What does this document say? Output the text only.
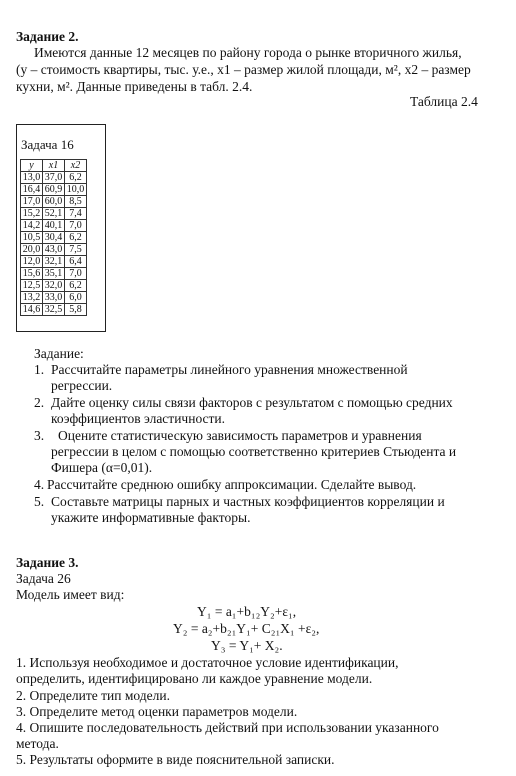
Задание 2.
Имеются данные 12 месяцев по району города о рынке вторичного жилья,
(y – стоимость квартиры, тыс. у.е., x1 – размер жилой площади, м², x2 – размер
кухни, м². Данные приведены в табл. 2.4.
Таблица 2.4
Задача 16
y	x1	x2
13,0	37,0	6,2
16,4	60,9	10,0
17,0	60,0	8,5
15,2	52,1	7,4
14,2	40,1	7,0
10,5	30,4	6,2
20,0	43,0	7,5
12,0	32,1	6,4
15,6	35,1	7,0
12,5	32,0	6,2
13,2	33,0	6,0
14,6	32,5	5,8
Задание:
1. Рассчитайте параметры линейного уравнения множественной
регрессии.
2. Дайте оценку силы связи факторов с результатом с помощью средних
коэффициентов эластичности.
3. Оцените статистическую зависимость параметров и уравнения
регрессии в целом с помощью соответственно критериев Стьюдента и
Фишера (α=0,01).
4. Рассчитайте среднюю ошибку аппроксимации. Сделайте вывод.
5. Составьте матрицы парных и частных коэффициентов корреляции и
укажите информативные факторы.
Задание 3.
Задача 26
Модель имеет вид:
Y₁ = a₁+b₁₂Y₂+ε₁,
Y₂ = a₂+b₂₁Y₁+ C₂₁X₁ +ε₂,
Y₃ = Y₁+ X₂.
1. Используя необходимое и достаточное условие идентификации,
определить, идентифицировано ли каждое уравнение модели.
2. Определите тип модели.
3. Определите метод оценки параметров модели.
4. Опишите последовательность действий при использовании указанного
метода.
5. Результаты оформите в виде пояснительной записки.
